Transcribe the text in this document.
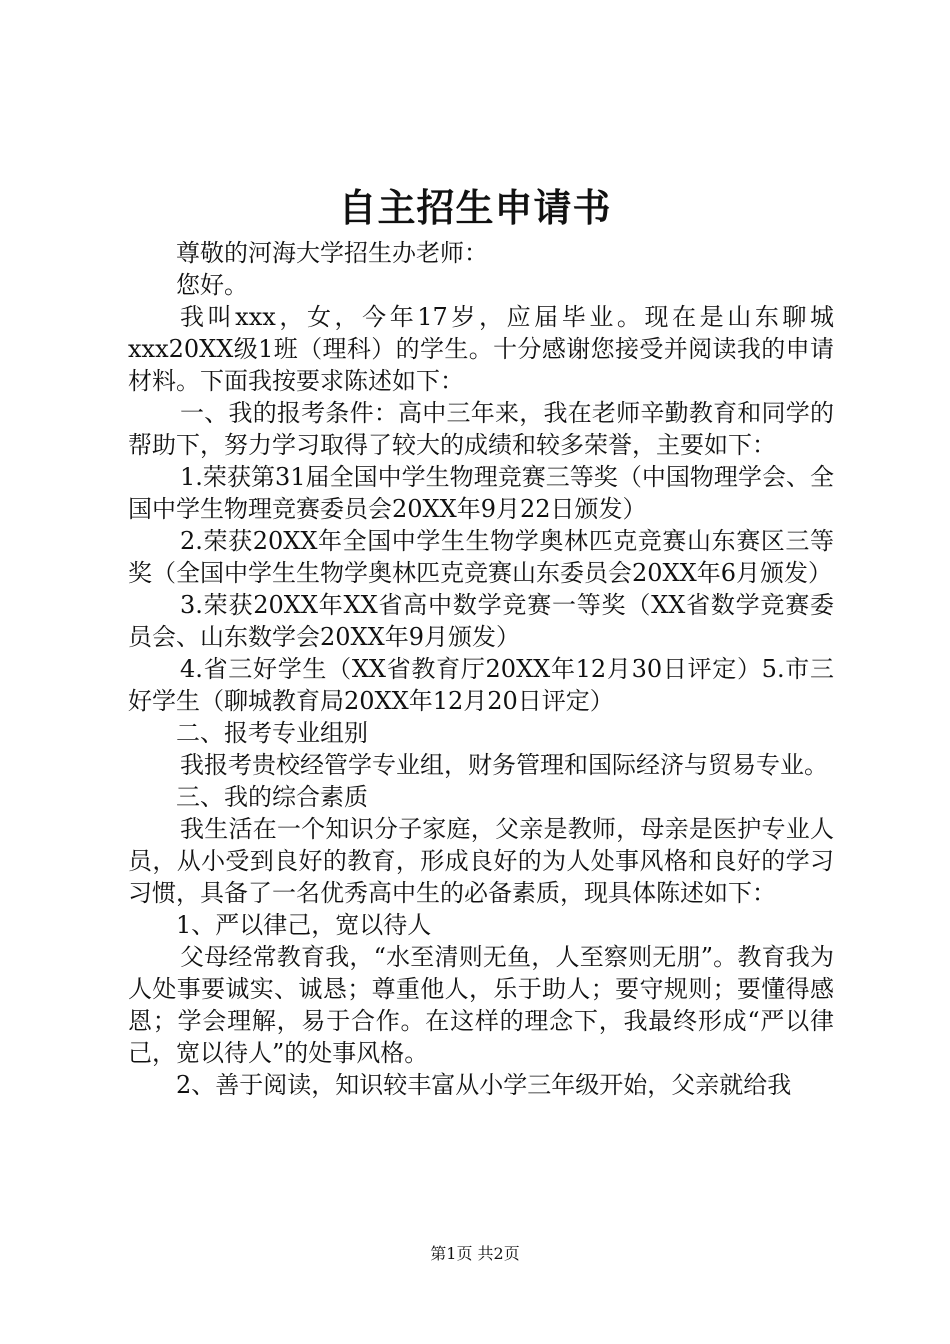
自主招生申请书

尊敬的河海大学招生办老师：

您好。

我叫xxx，女，今年17岁，应届毕业。现在是山东聊城xxx20XX级1班（理科）的学生。十分感谢您接受并阅读我的申请材料。下面我按要求陈述如下：

一、我的报考条件：高中三年来，我在老师辛勤教育和同学的帮助下，努力学习取得了较大的成绩和较多荣誉，主要如下：

1.荣获第31届全国中学生物理竞赛三等奖（中国物理学会、全国中学生物理竞赛委员会20XX年9月22日颁发）

2.荣获20XX年全国中学生生物学奥林匹克竞赛山东赛区三等奖（全国中学生生物学奥林匹克竞赛山东委员会20XX年6月颁发）

3.荣获20XX年XX省高中数学竞赛一等奖（XX省数学竞赛委员会、山东数学会20XX年9月颁发）

4.省三好学生（XX省教育厅20XX年12月30日评定）5.市三好学生（聊城教育局20XX年12月20日评定）

二、报考专业组别

我报考贵校经管学专业组，财务管理和国际经济与贸易专业。

三、我的综合素质

我生活在一个知识分子家庭，父亲是教师，母亲是医护专业人员，从小受到良好的教育，形成良好的为人处事风格和良好的学习习惯，具备了一名优秀高中生的必备素质，现具体陈述如下：

1、严以律己，宽以待人

父母经常教育我，“水至清则无鱼，人至察则无朋”。教育我为人处事要诚实、诚恳；尊重他人，乐于助人；要守规则；要懂得感恩；学会理解，易于合作。在这样的理念下，我最终形成“严以律己，宽以待人”的处事风格。

2、善于阅读，知识较丰富从小学三年级开始，父亲就给我

第1页 共2页
